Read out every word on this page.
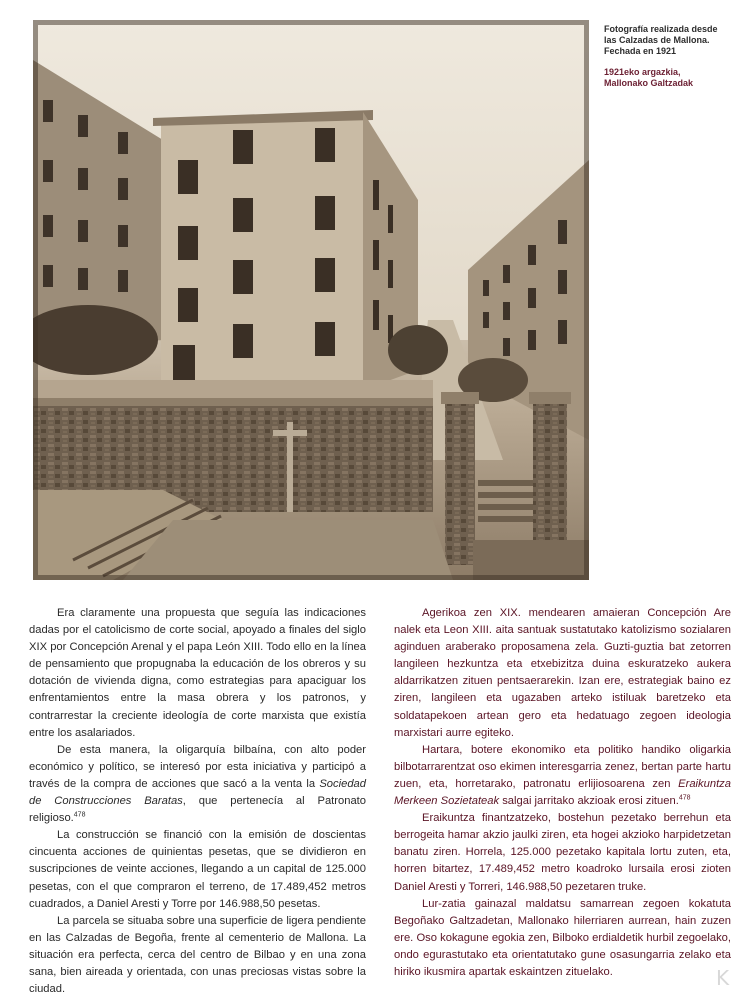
Fotografía realizada desde
las Calzadas de Mallona.
Fechada en 1921
1921eko argazkia,
Mallonako Galtzadak

Era claramente una propuesta que seguía las indicaciones dadas por el catolicismo de corte social, apoyado a finales del siglo XIX por Concepción Arenal y el papa León XIII. Todo ello en la línea de pensamiento que propugnaba la educación de los obreros y su dotación de vivienda digna, como estrategias para apaciguar los enfrentamientos entre la masa obrera y los patronos, y contrarrestar la creciente ideología de corte marxista que existía entre los asalariados.

De esta manera, la oligarquía bilbaína, con alto poder económico y político, se interesó por esta iniciativa y participó a través de la compra de acciones que sacó a la venta la Sociedad de Construcciones Baratas, que pertenecía al Patronato religioso.$^{478}$

La construcción se financió con la emisión de doscientas cincuenta acciones de quinientas pesetas, que se dividieron en suscripciones de veinte acciones, llegando a un capital de 125.000 pesetas, con el que compraron el terreno, de 17.489,452 metros cuadrados, a Daniel Aresti y Torre por 146.988,50 pesetas.

La parcela se situaba sobre una superficie de ligera pendiente en las Calzadas de Begoña, frente al cementerio de Mallona. La situación era perfecta, cerca del centro de Bilbao y en una zona sana, bien aireada y orientada, con unas preciosas vistas sobre la ciudad.

Agerikoa zen XIX. mendearen amaieran Concepción Are nalek eta Leon XIII. aita santuak sustatutako katolizismo sozialaren aginduen araberako proposamena zela. Guzti-guztia bat zetorren langileen hezkuntza eta etxebizitza duina eskuratzeko aukera aldarrikatzen zituen pentsaerarekin. Izan ere, estrategiak baino ez ziren, langileen eta ugazaben arteko istiluak baretzeko eta soldatapekoen artean gero eta hedatuago zegoen ideologia marxistari aurre egiteko.

Hartara, botere ekonomiko eta politiko handiko oligarkia bilbotarrarentzat oso ekimen interesgarria zenez, bertan parte hartu zuen, eta, horretarako, patronatu erlijiosoarena zen Eraikuntza Merkeen Sozietateak salgai jarritako akzioak erosi zituen.$^{478}$

Eraikuntza finantzatzeko, bostehun pezetako berrehun eta berrogeita hamar akzio jaulki ziren, eta hogei akzioko harpidetzetan banatu ziren. Horrela, 125.000 pezetako kapitala lortu zuten, eta, horren bitartez, 17.489,452 metro koadroko lursaila erosi zioten Daniel Aresti y Torreri, 146.988,50 pezetaren truke.

Lur-zatia gainazal maldatsu samarrean zegoen kokatuta Begoñako Galtzadetan, Mallonako hilerriaren aurrean, hain zuzen ere. Oso kokagune egokia zen, Bilboko erdialdetik hurbil zegoelako, ondo egurastutako eta orientatutako gune osasungarria zelako eta hiriko ikusmira apartak eskaintzen zituelako.	K
